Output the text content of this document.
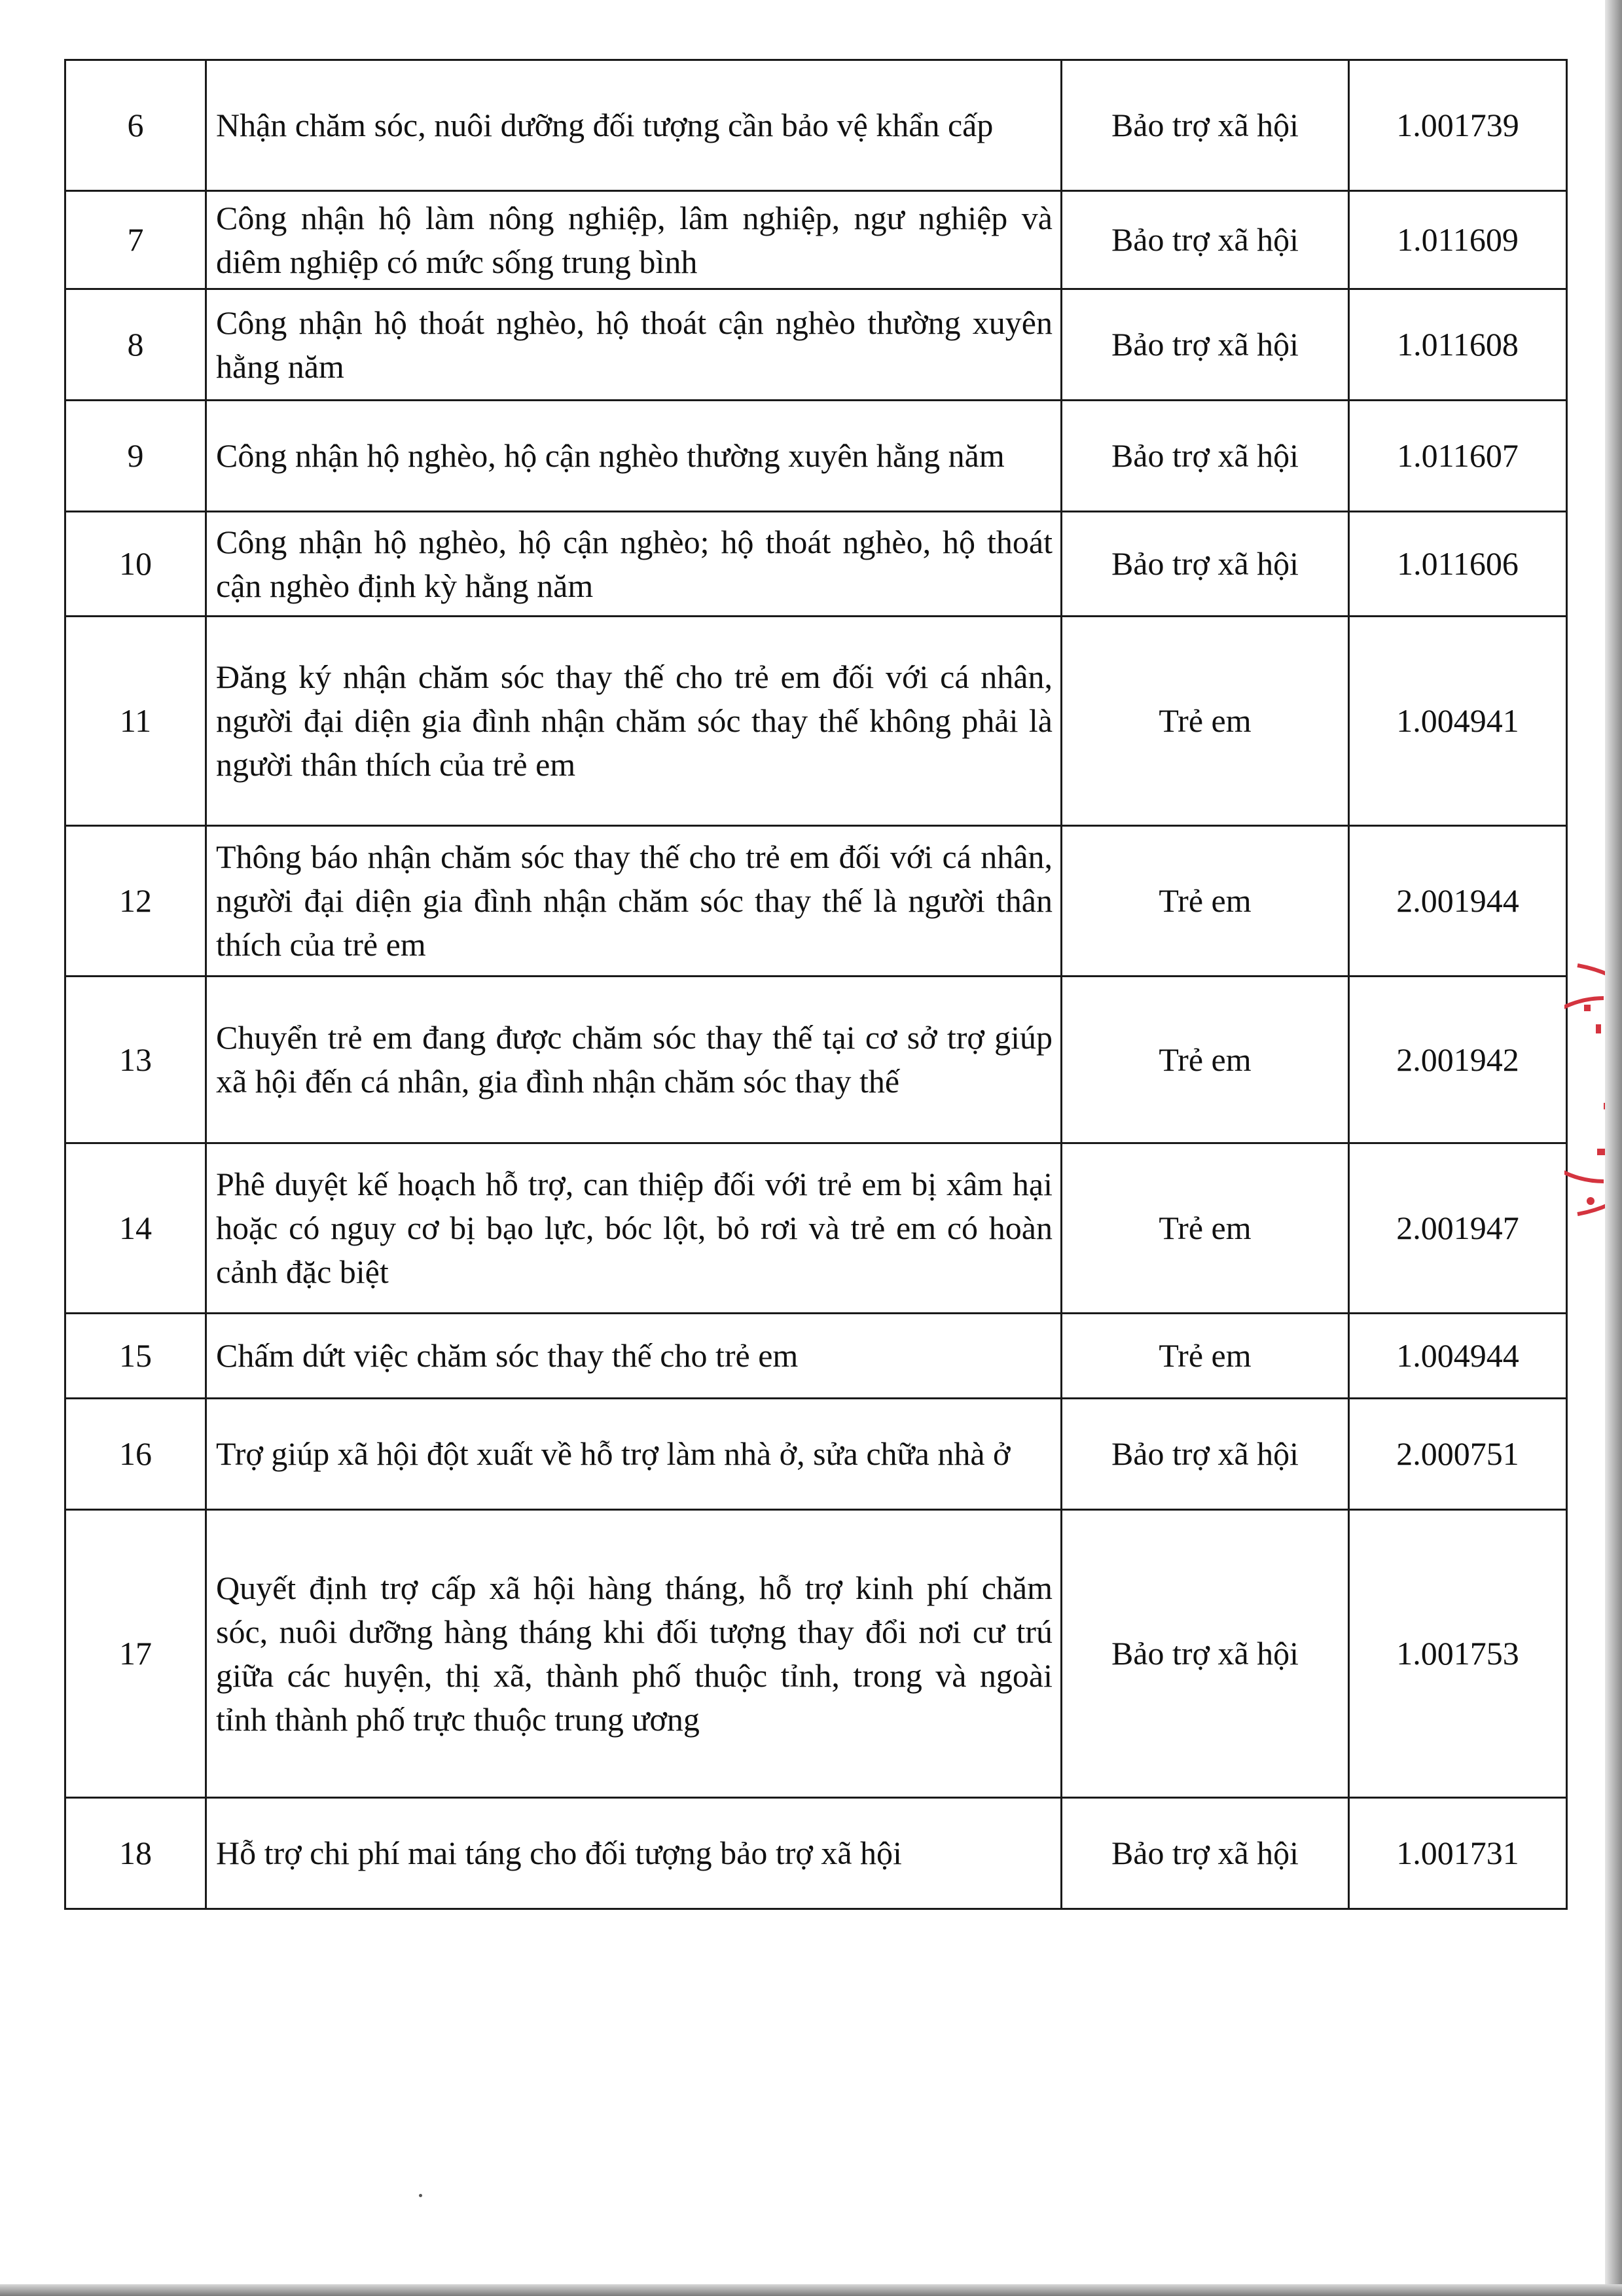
6	Nhận chăm sóc, nuôi dưỡng đối tượng cần bảo vệ khẩn cấp	Bảo trợ xã hội	1.001739
7	Công nhận hộ làm nông nghiệp, lâm nghiệp, ngư nghiệp và diêm nghiệp có mức sống trung bình	Bảo trợ xã hội	1.011609
8	Công nhận hộ thoát nghèo, hộ thoát cận nghèo thường xuyên hằng năm	Bảo trợ xã hội	1.011608
9	Công nhận hộ nghèo, hộ cận nghèo thường xuyên hằng năm	Bảo trợ xã hội	1.011607
10	Công nhận hộ nghèo, hộ cận nghèo; hộ thoát nghèo, hộ thoát cận nghèo định kỳ hằng năm	Bảo trợ xã hội	1.011606
11	Đăng ký nhận chăm sóc thay thế cho trẻ em đối với cá nhân, người đại diện gia đình nhận chăm sóc thay thế không phải là người thân thích của trẻ em	Trẻ em	1.004941
12	Thông báo nhận chăm sóc thay thế cho trẻ em đối với cá nhân, người đại diện gia đình nhận chăm sóc thay thế là người thân thích của trẻ em	Trẻ em	2.001944
13	Chuyển trẻ em đang được chăm sóc thay thế tại cơ sở trợ giúp xã hội đến cá nhân, gia đình nhận chăm sóc thay thế	Trẻ em	2.001942
14	Phê duyệt kế hoạch hỗ trợ, can thiệp đối với trẻ em bị xâm hại hoặc có nguy cơ bị bạo lực, bóc lột, bỏ rơi và trẻ em có hoàn cảnh đặc biệt	Trẻ em	2.001947
15	Chấm dứt việc chăm sóc thay thế cho trẻ em	Trẻ em	1.004944
16	Trợ giúp xã hội đột xuất về hỗ trợ làm nhà ở, sửa chữa nhà ở	Bảo trợ xã hội	2.000751
17	Quyết định trợ cấp xã hội hàng tháng, hỗ trợ kinh phí chăm sóc, nuôi dưỡng hàng tháng khi đối tượng thay đổi nơi cư trú giữa các huyện, thị xã, thành phố thuộc tỉnh, trong và ngoài tỉnh thành phố trực thuộc trung ương	Bảo trợ xã hội	1.001753
18	Hỗ trợ chi phí mai táng cho đối tượng bảo trợ xã hội	Bảo trợ xã hội	1.001731
